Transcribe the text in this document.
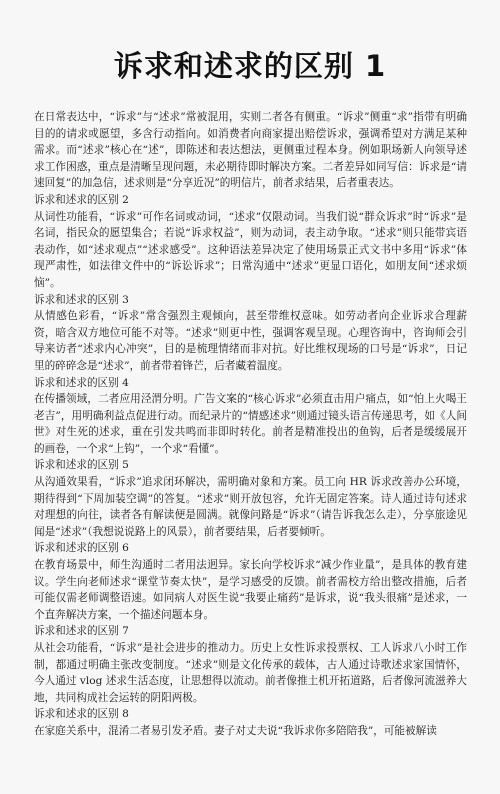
诉求和述求的区别 1

在日常表达中，“诉求”与“述求”常被混用，实则二者各有侧重。“诉求”侧重“求”指带有明确目的的请求或愿望，多含行动指向。如消费者向商家提出赔偿诉求，强调希望对方满足某种需求。而“述求”核心在“述”，即陈述和表达想法，更侧重过程本身。例如职场新人向领导述求工作困惑，重点是清晰呈现问题，未必期待即时解决方案。二者差异如同写信：诉求是“请速回复”的加急信，述求则是“分享近况”的明信片，前者求结果，后者重表达。

诉求和述求的区别 2

从词性功能看，“诉求”可作名词或动词，“述求”仅限动词。当我们说“群众诉求”时“诉求”是名词，指民众的愿望集合；若说“诉求权益”，则为动词，表主动争取。“述求”则只能带宾语表动作，如“述求观点”“述求感受”。这种语法差异决定了使用场景正式文书中多用“诉求”体现严肃性，如法律文件中的“诉讼诉求”；日常沟通中“述求”更显口语化，如朋友间“述求烦恼”。

诉求和述求的区别 3

从情感色彩看，“诉求”常含强烈主观倾向，甚至带维权意味。如劳动者向企业诉求合理薪资，暗含双方地位可能不对等。“述求”则更中性，强调客观呈现。心理咨询中，咨询师会引导来访者“述求内心冲突”，目的是梳理情绪而非对抗。好比维权现场的口号是“诉求”，日记里的碎碎念是“述求”，前者带着锋芒，后者藏着温度。

诉求和述求的区别 4

在传播领域，二者应用泾渭分明。广告文案的“核心诉求”必须直击用户痛点，如“怕上火喝王老吉”，用明确利益点促进行动。而纪录片的“情感述求”则通过镜头语言传递思考，如《人间世》对生死的述求，重在引发共鸣而非即时转化。前者是精准投出的鱼钩，后者是缓缓展开的画卷，一个求“上钩”，一个求“看懂”。

诉求和述求的区别 5

从沟通效果看，“诉求”追求闭环解决，需明确对象和方案。员工向 HR 诉求改善办公环境，期待得到“下周加装空调”的答复。“述求”则开放包容，允许无固定答案。诗人通过诗句述求对理想的向往，读者各有解读便是圆满。就像问路是“诉求”（请告诉我怎么走），分享旅途见闻是“述求”（我想说说路上的风景），前者要结果，后者要倾听。

诉求和述求的区别 6

在教育场景中，师生沟通时二者用法迥异。家长向学校诉求“减少作业量”，是具体的教育建议。学生向老师述求“课堂节奏太快”，是学习感受的反馈。前者需校方给出整改措施，后者可能仅需老师调整语速。如同病人对医生说“我要止痛药”是诉求，说“我头很痛”是述求，一个直奔解决方案，一个描述问题本身。

诉求和述求的区别 7

从社会功能看，“诉求”是社会进步的推动力。历史上女性诉求投票权、工人诉求八小时工作制，都通过明确主张改变制度。“述求”则是文化传承的载体，古人通过诗歌述求家国情怀，今人通过 vlog 述求生活态度，让思想得以流动。前者像推土机开拓道路，后者像河流滋养大地，共同构成社会运转的阴阳两极。

诉求和述求的区别 8

在家庭关系中，混淆二者易引发矛盾。妻子对丈夫说“我诉求你多陪陪我”，可能被解读
